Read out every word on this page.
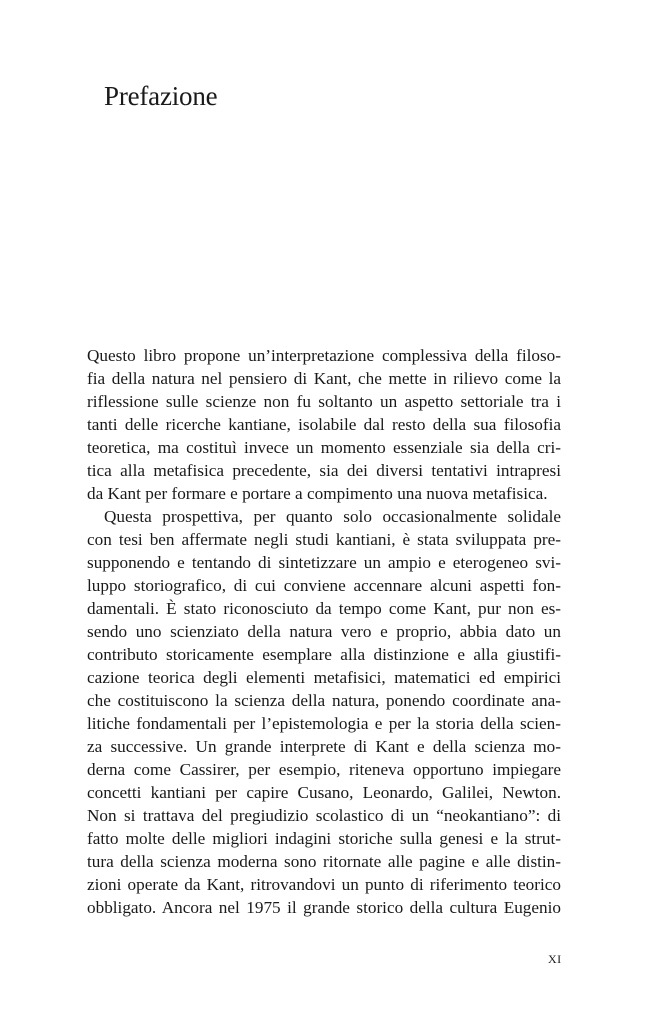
Prefazione
Questo libro propone un’interpretazione complessiva della filoso-
fia della natura nel pensiero di Kant, che mette in rilievo come la
riflessione sulle scienze non fu soltanto un aspetto settoriale tra i
tanti delle ricerche kantiane, isolabile dal resto della sua filosofia
teoretica, ma costituì invece un momento essenziale sia della cri-
tica alla metafisica precedente, sia dei diversi tentativi intrapresi
da Kant per formare e portare a compimento una nuova metafisica.
Questa prospettiva, per quanto solo occasionalmente solidale
con tesi ben affermate negli studi kantiani, è stata sviluppata pre-
supponendo e tentando di sintetizzare un ampio e eterogeneo svi-
luppo storiografico, di cui conviene accennare alcuni aspetti fon-
damentali. È stato riconosciuto da tempo come Kant, pur non es-
sendo uno scienziato della natura vero e proprio, abbia dato un
contributo storicamente esemplare alla distinzione e alla giustifi-
cazione teorica degli elementi metafisici, matematici ed empirici
che costituiscono la scienza della natura, ponendo coordinate ana-
litiche fondamentali per l’epistemologia e per la storia della scien-
za successive. Un grande interprete di Kant e della scienza mo-
derna come Cassirer, per esempio, riteneva opportuno impiegare
concetti kantiani per capire Cusano, Leonardo, Galilei, Newton.
Non si trattava del pregiudizio scolastico di un “neokantiano”: di
fatto molte delle migliori indagini storiche sulla genesi e la strut-
tura della scienza moderna sono ritornate alle pagine e alle distin-
zioni operate da Kant, ritrovandovi un punto di riferimento teorico
obbligato. Ancora nel 1975 il grande storico della cultura Eugenio
XI
